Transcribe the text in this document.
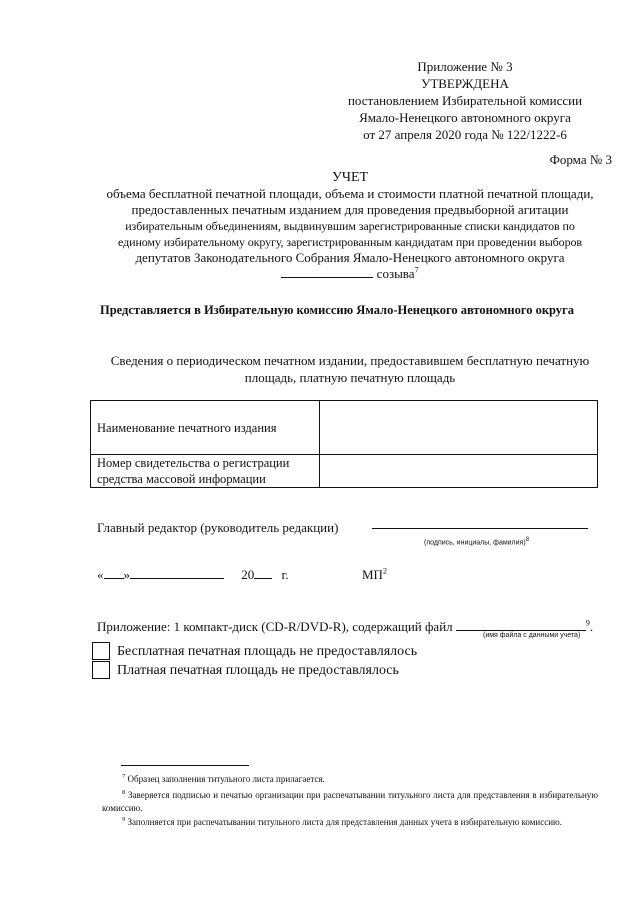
Приложение № 3
УТВЕРЖДЕНА
постановлением Избирательной комиссии
Ямало-Ненецкого автономного округа
от 27 апреля 2020 года № 122/1222-6
Форма № 3
УЧЕТ
объема бесплатной печатной площади, объема и стоимости платной печатной площади,
предоставленных печатным изданием для проведения предвыборной агитации
избирательным объединениям, выдвинувшим зарегистрированные списки кандидатов по
единому избирательному округу, зарегистрированным кандидатам при проведении выборов
депутатов Законодательного Собрания Ямало-Ненецкого автономного округа
созыва$^7$
Представляется в Избирательную комиссию Ямало-Ненецкого автономного округа
Сведения о периодическом печатном издании, предоставившем бесплатную печатную
площадь, платную печатную площадь
Наименование печатного издания	

Номер свидетельства о регистрации
средства массовой информации	

Главный редактор (руководитель редакции)
(подпись, инициалы, фамилия)8
« »	20 г.	$МП^2$
Приложение: 1 компакт-диск (CD-R/DVD-R), содержащий файл	$^9$.
(имя файла с данными учета)
Бесплатная печатная площадь не предоставлялось
Платная печатная площадь не предоставлялось
$^7$ Образец заполнения титульного листа прилагается.
$^8$ Заверяется подписью и печатью организации при распечатывании титульного листа для представления в избирательную комиссию.
$^9$ Заполняется при распечатывании титульного листа для представления данных учета в избирательную комиссию.
